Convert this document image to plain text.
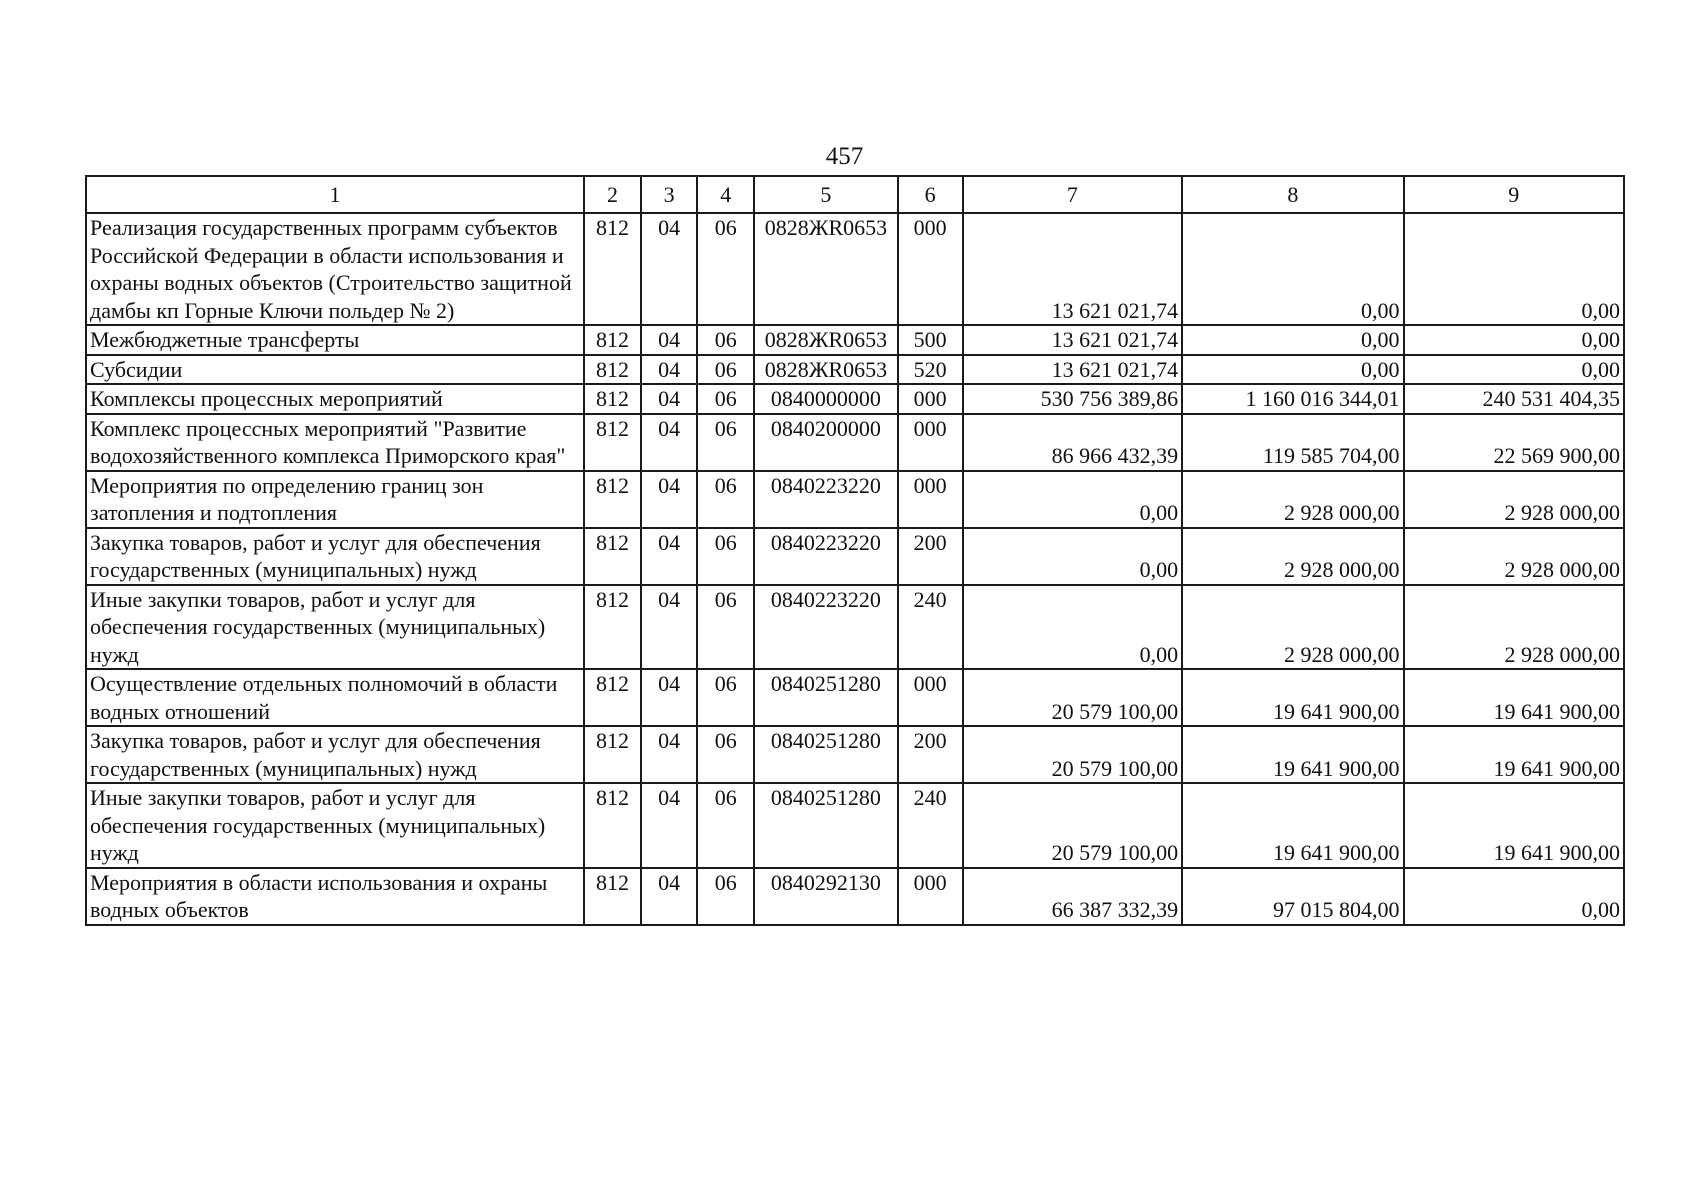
457
1	2	3	4	5	6	7	8	9
Реализация государственных программ субъектов Российской Федерации в области использования и охраны водных объектов (Строительство защитной дамбы кп Горные Ключи польдер № 2)	812	04	06	0828ЖR0653	000	13 621 021,74	0,00	0,00

Межбюджетные трансферты	812	04	06	0828ЖR0653	500	13 621 021,74	0,00	0,00

Субсидии	812	04	06	0828ЖR0653	520	13 621 021,74	0,00	0,00

Комплексы процессных мероприятий	812	04	06	0840000000	000	530 756 389,86	1 160 016 344,01	240 531 404,35

Комплекс процессных мероприятий "Развитие водохозяйственного комплекса Приморского края"	812	04	06	0840200000	000	86 966 432,39	119 585 704,00	22 569 900,00

Мероприятия по определению границ зон затопления и подтопления	812	04	06	0840223220	000	0,00	2 928 000,00	2 928 000,00

Закупка товаров, работ и услуг для обеспечения государственных (муниципальных) нужд	812	04	06	0840223220	200	0,00	2 928 000,00	2 928 000,00

Иные закупки товаров, работ и услуг для обеспечения государственных (муниципальных) нужд	812	04	06	0840223220	240	0,00	2 928 000,00	2 928 000,00

Осуществление отдельных полномочий в области водных отношений	812	04	06	0840251280	000	20 579 100,00	19 641 900,00	19 641 900,00

Закупка товаров, работ и услуг для обеспечения государственных (муниципальных) нужд	812	04	06	0840251280	200	20 579 100,00	19 641 900,00	19 641 900,00

Иные закупки товаров, работ и услуг для обеспечения государственных (муниципальных) нужд	812	04	06	0840251280	240	20 579 100,00	19 641 900,00	19 641 900,00

Мероприятия в области использования и охраны водных объектов	812	04	06	0840292130	000	66 387 332,39	97 015 804,00	0,00
